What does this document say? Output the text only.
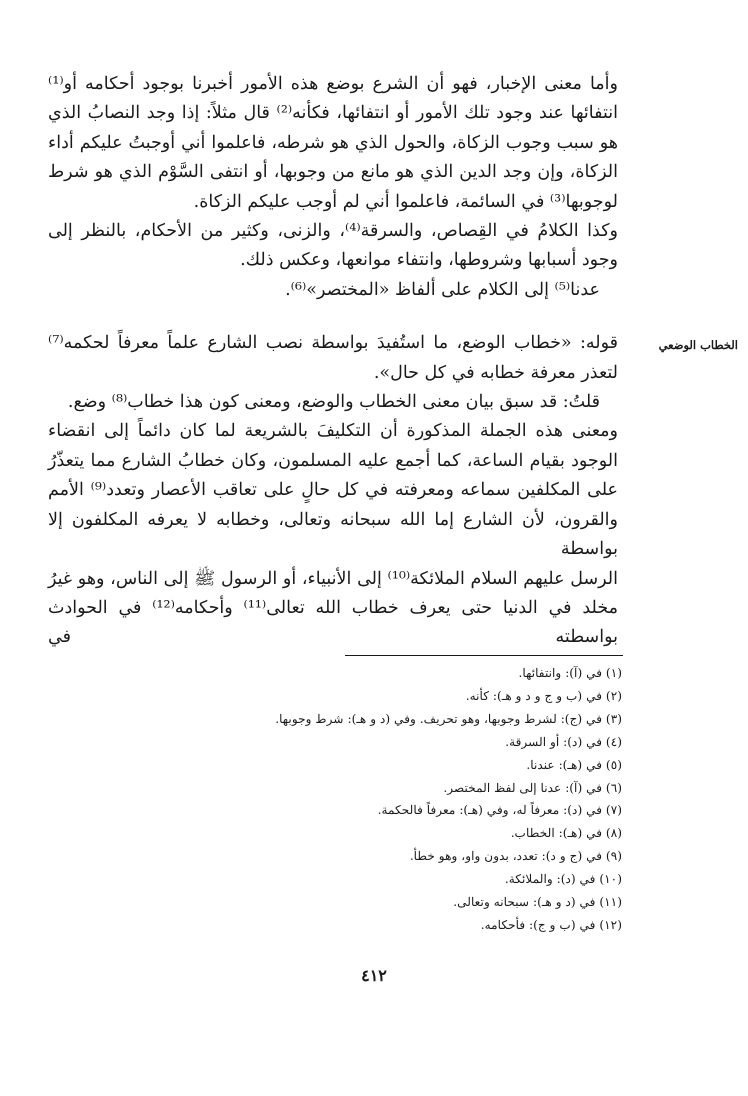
الخطاب الوضعي
وأما معنى الإخبار، فهو أن الشرع بوضع هذه الأمور أخبرنا بوجود أحكامه أو⁽¹⁾
انتفائها عند وجود تلك الأمور أو انتفائها، فكأنه⁽²⁾ قال مثلاً: إذا وجد النصابُ الذي
هو سبب وجوب الزكاة، والحول الذي هو شرطه، فاعلموا أني أوجبتُ عليكم أداء
الزكاة، وإن وجد الدين الذي هو مانع من وجوبها، أو انتفى السَّوْم الذي هو شرط
لوجوبها⁽³⁾ في السائمة، فاعلموا أني لم أوجب عليكم الزكاة.
وكذا الكلامُ في القِصاص، والسرقة⁽⁴⁾، والزنى، وكثير من الأحكام، بالنظر إلى
وجود أسبابها وشروطها، وانتفاء موانعها، وعكس ذلك.
عدنا⁽⁵⁾ إلى الكلام على ألفاظ «المختصر»⁽⁶⁾.
قوله: «خطاب الوضع، ما استُفيدَ بواسطة نصب الشارع علماً معرفاً لحكمه⁽⁷⁾
لتعذر معرفة خطابه في كل حال».
قلتُ: قد سبق بيان معنى الخطاب والوضع، ومعنى كون هذا خطاب⁽⁸⁾ وضع.
ومعنى هذه الجملة المذكورة أن التكليفَ بالشريعة لما كان دائماً إلى انقضاء
الوجود بقيام الساعة، كما أجمع عليه المسلمون، وكان خطابُ الشارع مما يتعذّرُ
على المكلفين سماعه ومعرفته في كل حالٍ على تعاقب الأعصار وتعدد⁽⁹⁾ الأمم
والقرون، لأن الشارع إما الله سبحانه وتعالى، وخطابه لا يعرفه المكلفون إلا بواسطة
الرسل عليهم السلام الملائكة⁽¹⁰⁾ إلى الأنبياء، أو الرسول ﷺ إلى الناس، وهو غيرُ
مخلد في الدنيا حتى يعرف خطاب الله تعالى⁽¹¹⁾ وأحكامه⁽¹²⁾ في الحوادث بواسطته في
(١) في (آ): وانتفائها.
(٢) في (ب و ج و د و هـ): كأنه.
(٣) في (ج): لشرط وجوبها، وهو تحريف. وفي (د و هـ): شرط وجوبها.
(٤) في (د): أو السرقة.
(٥) في (هـ): عندنا.
(٦) في (آ): عدنا إلى لفظ المختصر.
(٧) في (د): معرفاً له، وفي (هـ): معرفاً فالحكمة.
(٨) في (هـ): الخطاب.
(٩) في (ج و د): تعدد، بدون واو، وهو خطأ.
(١٠) في (د): والملائكة.
(١١) في (د و هـ): سبحانه وتعالى.
(١٢) في (ب و ج): فأحكامه.
٤١٢
